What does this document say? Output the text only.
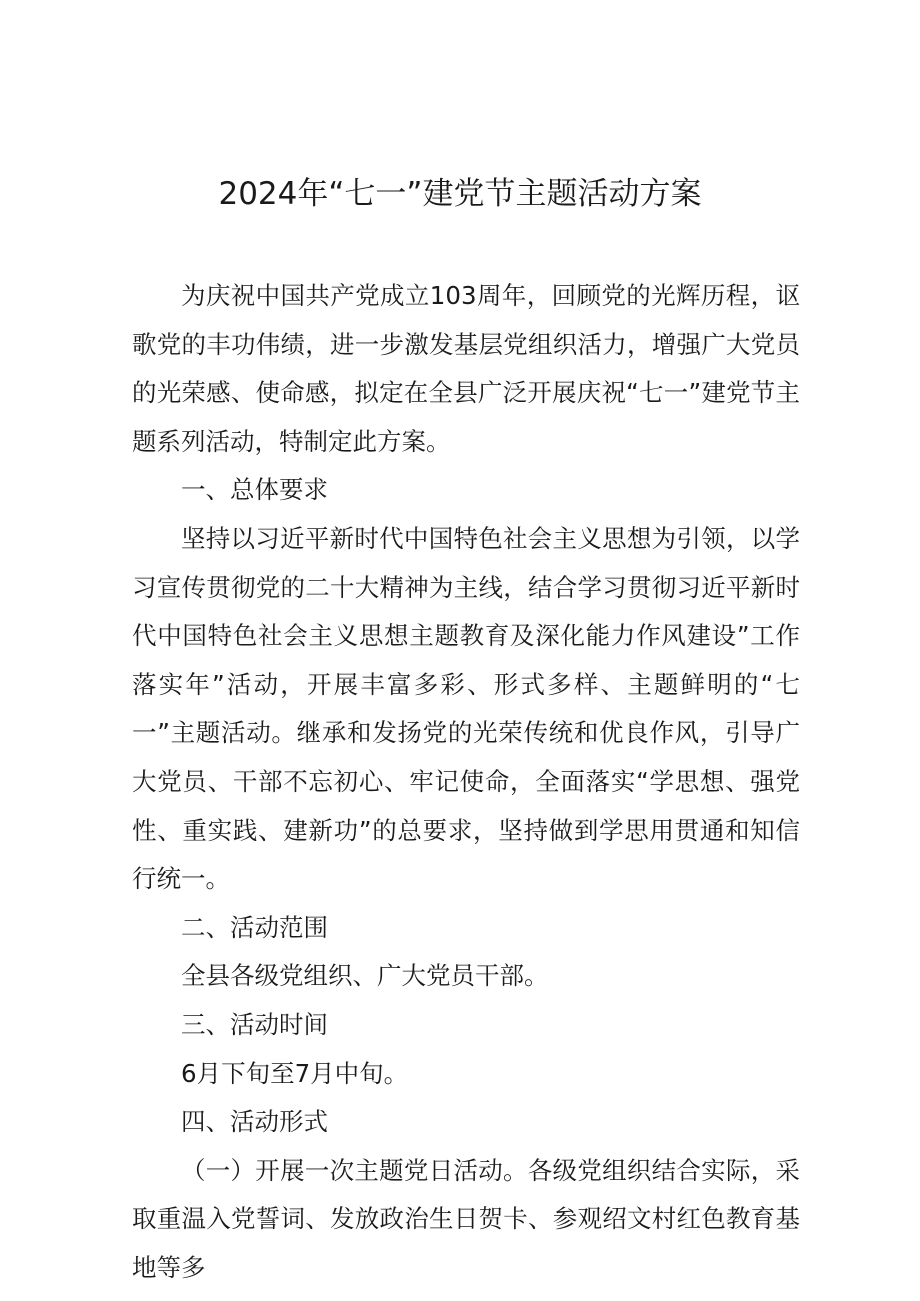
2024年“七一”建党节主题活动方案

为庆祝中国共产党成立103周年，回顾党的光辉历程，讴歌党的丰功伟绩，进一步激发基层党组织活力，增强广大党员的光荣感、使命感，拟定在全县广泛开展庆祝“七一”建党节主题系列活动，特制定此方案。

一、总体要求

坚持以习近平新时代中国特色社会主义思想为引领，以学习宣传贯彻党的二十大精神为主线，结合学习贯彻习近平新时代中国特色社会主义思想主题教育及深化能力作风建设”工作落实年”活动，开展丰富多彩、形式多样、主题鲜明的“七一”主题活动。继承和发扬党的光荣传统和优良作风，引导广大党员、干部不忘初心、牢记使命，全面落实“学思想、强党性、重实践、建新功”的总要求，坚持做到学思用贯通和知信行统一。

二、活动范围

全县各级党组织、广大党员干部。

三、活动时间

6月下旬至7月中旬。

四、活动形式

（一）开展一次主题党日活动。各级党组织结合实际，采取重温入党誓词、发放政治生日贺卡、参观绍文村红色教育基地等多
